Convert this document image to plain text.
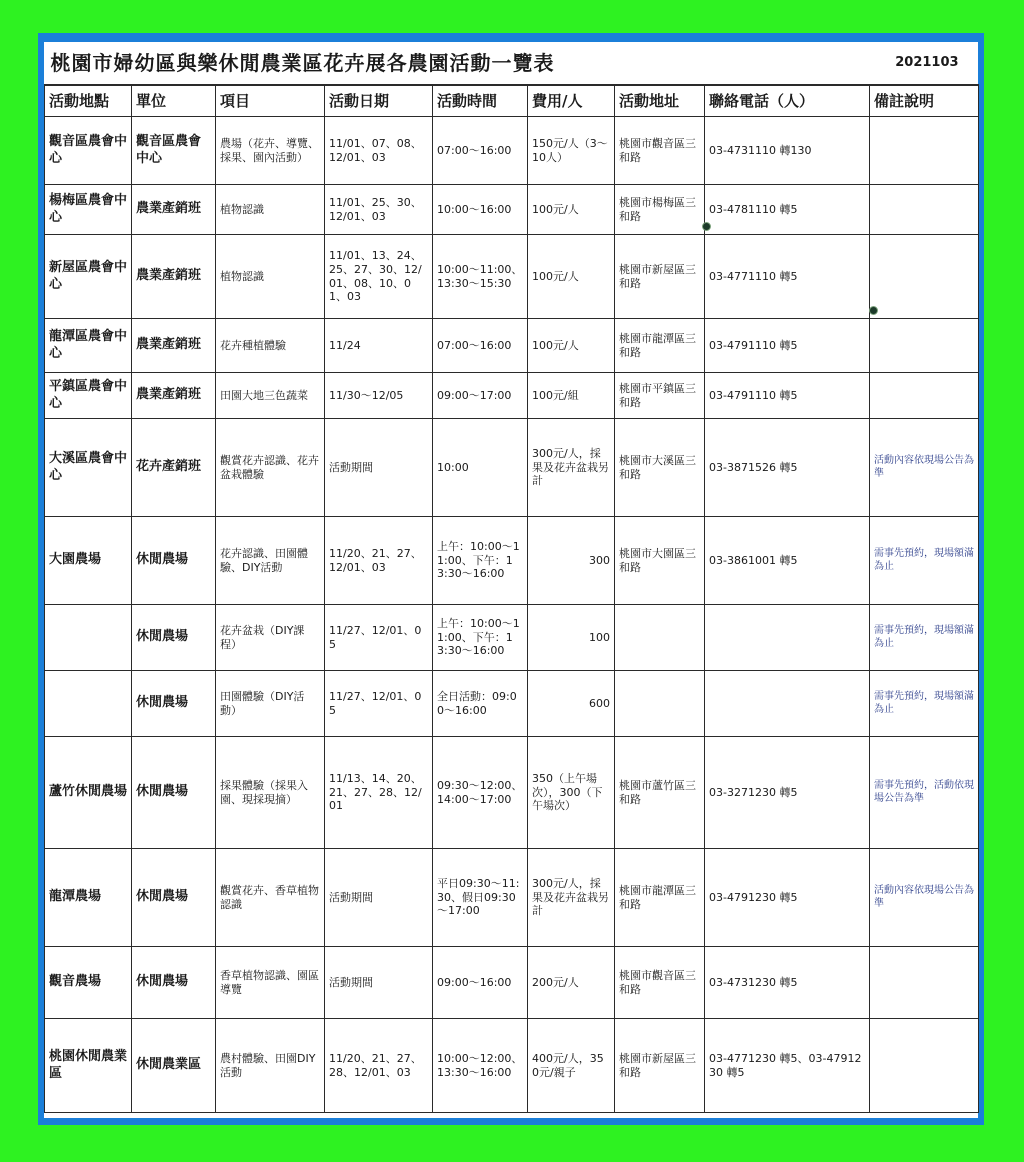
桃園市婦幼區與樂休閒農業區花卉展各農園活動一覽表							2021103	
活動地點	單位	項目	活動日期	活動時間	費用/人	活動地址	聯絡電話（人）	備註說明
觀音區農會中心	觀音區農會中心	農場（花卉、導覽、採果、園內活動）	11/01、07、08、12/01、03	07:00～16:00	150元/人（3～10人）	桃園市觀音區三和路	03-4731110 轉130	
楊梅區農會中心	農業產銷班	植物認識	11/01、25、30、12/01、03	10:00～16:00	100元/人	桃園市楊梅區三和路	03-4781110 轉5	
新屋區農會中心	農業產銷班	植物認識	11/01、13、24、25、27、30、12/01、08、10、01、03	10:00～11:00、13:30～15:30	100元/人	桃園市新屋區三和路	03-4771110 轉5	
龍潭區農會中心	農業產銷班	花卉種植體驗	11/24	07:00～16:00	100元/人	桃園市龍潭區三和路	03-4791110 轉5	
平鎮區農會中心	農業產銷班	田園大地三色蔬菜	11/30～12/05	09:00～17:00	100元/組	桃園市平鎮區三和路	03-4791110 轉5	
大溪區農會中心	花卉產銷班	觀賞花卉認識、花卉盆栽體驗	活動期間	10:00	300元/人，採果及花卉盆栽另計	桃園市大溪區三和路	03-3871526 轉5	活動內容依現場公告為準
大園農場	休閒農場	花卉認識、田園體驗、DIY活動	11/20、21、27、12/01、03	上午：10:00～11:00、下午：13:30～16:00	300	桃園市大園區三和路	03-3861001 轉5	需事先預約，現場額滿為止
	休閒農場	花卉盆栽（DIY課程）	11/27、12/01、05	上午：10:00～11:00、下午：13:30～16:00	100			需事先預約，現場額滿為止
	休閒農場	田園體驗（DIY活動）	11/27、12/01、05	全日活動：09:00～16:00	600			需事先預約，現場額滿為止
蘆竹休閒農場	休閒農場	採果體驗（採果入園、現採現摘）	11/13、14、20、21、27、28、12/01	09:30～12:00、14:00～17:00	350（上午場次），300（下午場次）	桃園市蘆竹區三和路	03-3271230 轉5	需事先預約，活動依現場公告為準
龍潭農場	休閒農場	觀賞花卉、香草植物認識	活動期間	平日09:30～11:30、假日09:30～17:00	300元/人，採果及花卉盆栽另計	桃園市龍潭區三和路	03-4791230 轉5	活動內容依現場公告為準
觀音農場	休閒農場	香草植物認識、園區導覽	活動期間	09:00～16:00	200元/人	桃園市觀音區三和路	03-4731230 轉5	
桃園休閒農業區	休閒農業區	農村體驗、田園DIY活動	11/20、21、27、28、12/01、03	10:00～12:00、13:30～16:00	400元/人，350元/親子	桃園市新屋區三和路	03-4771230 轉5、03-4791230 轉5	
